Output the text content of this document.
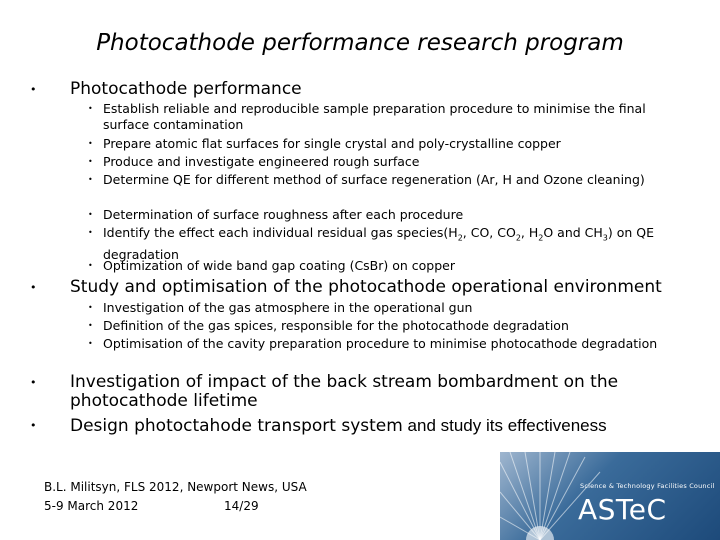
Photocathode performance research program
• Photocathode performance
• Establish reliable and reproducible sample preparation procedure to minimise the final surface contamination
• Prepare atomic flat surfaces for single crystal and poly-crystalline copper
• Produce and investigate engineered rough surface
• Determine QE for different method of surface regeneration (Ar, H and Ozone cleaning)
• Determination of surface roughness after each procedure
• Identify the effect each individual residual gas $species(H_2$, CO, $CO_2$, $H_2O$ and $CH_3$) on QE degradation
• Optimization of wide band gap coating (CsBr) on copper
• Study and optimisation of the photocathode operational environment
• Investigation of the gas atmosphere in the operational gun
• Definition of the gas spices, responsible for the photocathode degradation
• Optimisation of the cavity preparation procedure to minimise photocathode degradation
• Investigation of impact of the back stream bombardment on the photocathode lifetime
• Design photoctahode transport system and study its effectiveness
B.L. Militsyn, FLS 2012, Newport News, USA
5-9 March 2012	14/29
Science & Technology Facilities Council
ASTeC
